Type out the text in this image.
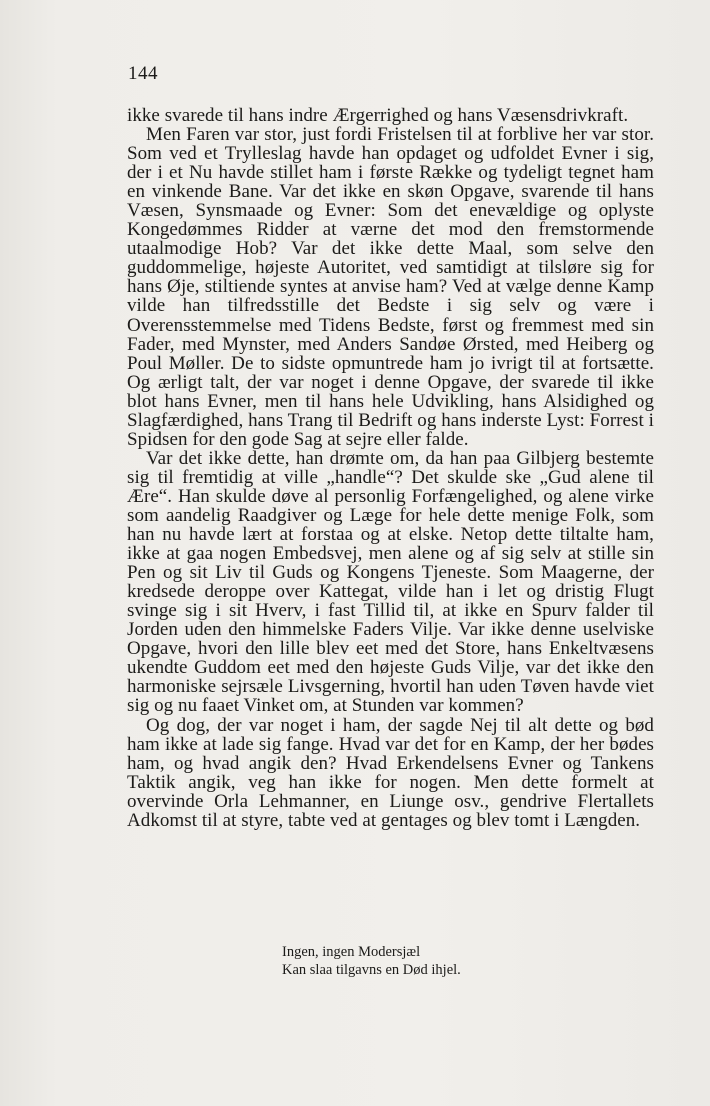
144

ikke svarede til hans indre Ærgerrighed og hans Væsensdrivkraft.

Men Faren var stor, just fordi Fristelsen til at forblive her var stor. Som ved et Trylleslag havde han opdaget og udfoldet Evner i sig, der i et Nu havde stillet ham i første Række og tydeligt tegnet ham en vinkende Bane. Var det ikke en skøn Opgave, svarende til hans Væsen, Synsmaade og Evner: Som det enevældige og oplyste Kongedømmes Ridder at værne det mod den fremstormende utaalmodige Hob? Var det ikke dette Maal, som selve den guddommelige, højeste Autoritet, ved samtidigt at tilsløre sig for hans Øje, stiltiende syntes at anvise ham? Ved at vælge denne Kamp vilde han tilfredsstille det Bedste i sig selv og være i Overensstemmelse med Tidens Bedste, først og fremmest med sin Fader, med Mynster, med Anders Sandøe Ørsted, med Heiberg og Poul Møller. De to sidste opmuntrede ham jo ivrigt til at fortsætte. Og ærligt talt, der var noget i denne Opgave, der svarede til ikke blot hans Evner, men til hans hele Udvikling, hans Alsidighed og Slagfærdighed, hans Trang til Bedrift og hans inderste Lyst: Forrest i Spidsen for den gode Sag at sejre eller falde.

Var det ikke dette, han drømte om, da han paa Gilbjerg bestemte sig til fremtidig at ville „handle“? Det skulde ske „Gud alene til Ære“. Han skulde døve al personlig Forfængelighed, og alene virke som aandelig Raadgiver og Læge for hele dette menige Folk, som han nu havde lært at forstaa og at elske. Netop dette tiltalte ham, ikke at gaa nogen Embedsvej, men alene og af sig selv at stille sin Pen og sit Liv til Guds og Kongens Tjeneste. Som Maagerne, der kredsede deroppe over Kattegat, vilde han i let og dristig Flugt svinge sig i sit Hverv, i fast Tillid til, at ikke en Spurv falder til Jorden uden den himmelske Faders Vilje. Var ikke denne uselviske Opgave, hvori den lille blev eet med det Store, hans Enkeltvæsens ukendte Guddom eet med den højeste Guds Vilje, var det ikke den harmoniske sejrsæle Livsgerning, hvortil han uden Tøven havde viet sig og nu faaet Vinket om, at Stunden var kommen?

Og dog, der var noget i ham, der sagde Nej til alt dette og bød ham ikke at lade sig fange. Hvad var det for en Kamp, der her bødes ham, og hvad angik den? Hvad Erkendelsens Evner og Tankens Taktik angik, veg han ikke for nogen. Men dette formelt at overvinde Orla Lehmanner, en Liunge osv., gendrive Flertallets Adkomst til at styre, tabte ved at gentages og blev tomt i Længden.

Ingen, ingen Modersjæl
Kan slaa tilgavns en Død ihjel.
